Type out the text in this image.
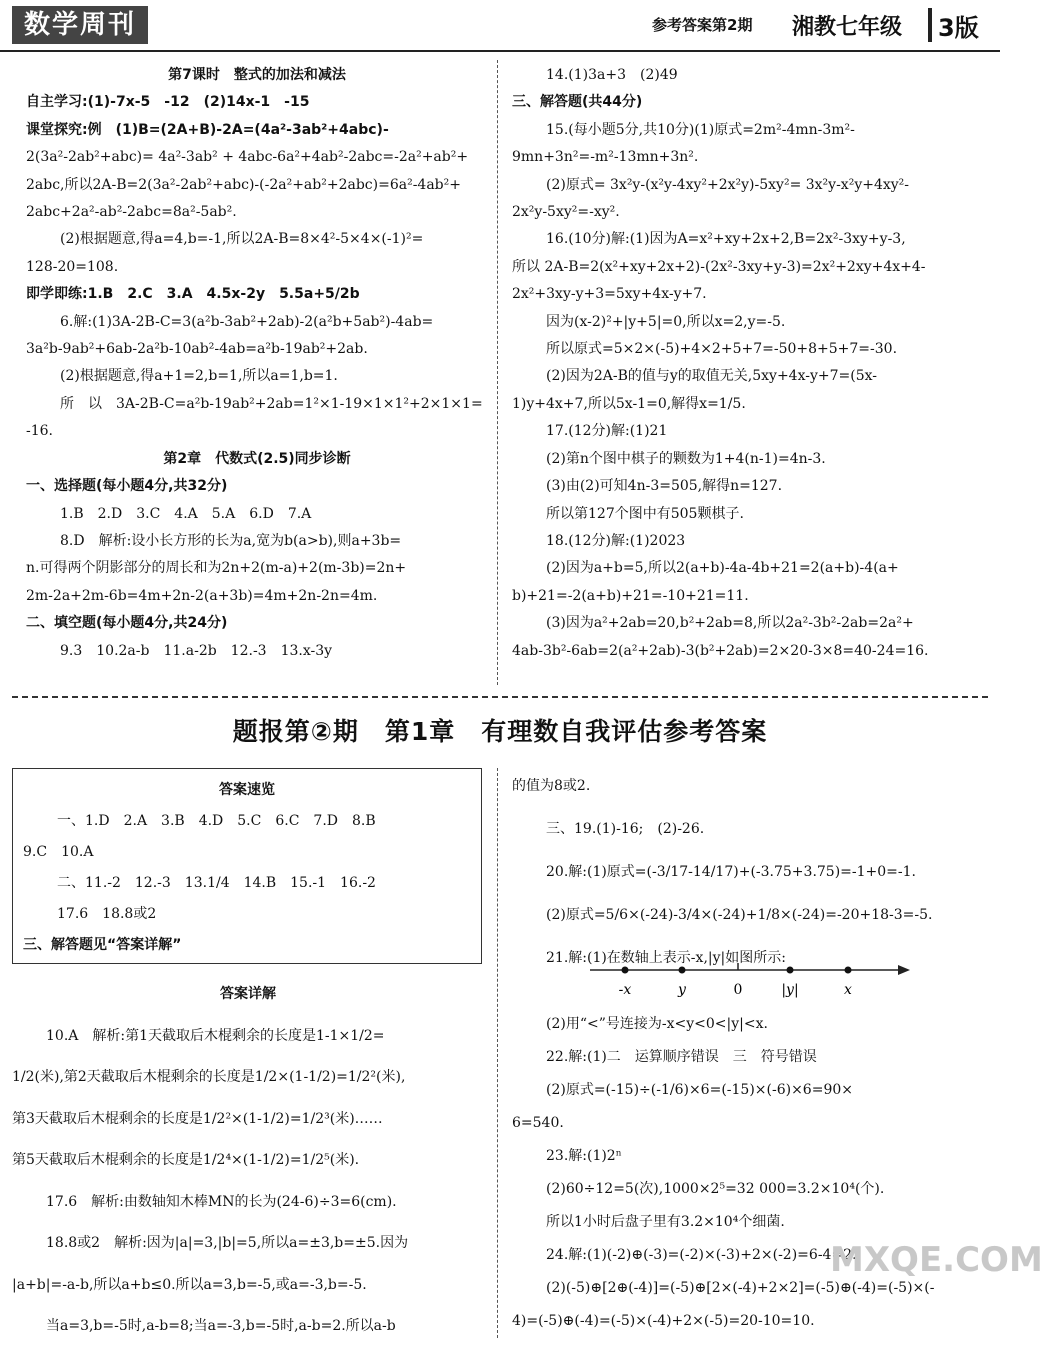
数学周刊	参考答案第2期 湘教七年级 3版

第7课时　整式的加法和减法

自主学习:(1)-7x-5　-12　(2)14x-1　-15

课堂探究:例　(1)B=(2A+B)-2A=(4a²-3ab²+4abc)-

2(3a²-2ab²+abc)= 4a²-3ab² + 4abc-6a²+4ab²-2abc=-2a²+ab²+

2abc,所以2A-B=2(3a²-2ab²+abc)-(-2a²+ab²+2abc)=6a²-4ab²+

2abc+2a²-ab²-2abc=8a²-5ab².

(2)根据题意,得a=4,b=-1,所以2A-B=8×4²-5×4×(-1)²=

128-20=108.

即学即练:1.B　2.C　3.A　4.5x-2y　5.5a+5/2b

6.解:(1)3A-2B-C=3(a²b-3ab²+2ab)-2(a²b+5ab²)-4ab=

3a²b-9ab²+6ab-2a²b-10ab²-4ab=a²b-19ab²+2ab.

(2)根据题意,得a+1=2,b=1,所以a=1,b=1.

所　以　3A-2B-C=a²b-19ab²+2ab=1²×1-19×1×1²+2×1×1=

-16.

第2章　代数式(2.5)同步诊断

一、选择题(每小题4分,共32分)

1.B　2.D　3.C　4.A　5.A　6.D　7.A

8.D　解析:设小长方形的长为a,宽为b(a>b),则a+3b=

n.可得两个阴影部分的周长和为2n+2(m-a)+2(m-3b)=2n+

2m-2a+2m-6b=4m+2n-2(a+3b)=4m+2n-2n=4m.

二、填空题(每小题4分,共24分)

9.3　10.2a-b　11.a-2b　12.-3　13.x-3y

14.(1)3a+3　(2)49

三、解答题(共44分)

15.(每小题5分,共10分)(1)原式=2m²-4mn-3m²-

9mn+3n²=-m²-13mn+3n².

(2)原式= 3x²y-(x²y-4xy²+2x²y)-5xy²= 3x²y-x²y+4xy²-

2x²y-5xy²=-xy².

16.(10分)解:(1)因为A=x²+xy+2x+2,B=2x²-3xy+y-3,

所以 2A-B=2(x²+xy+2x+2)-(2x²-3xy+y-3)=2x²+2xy+4x+4-

2x²+3xy-y+3=5xy+4x-y+7.

因为(x-2)²+|y+5|=0,所以x=2,y=-5.

所以原式=5×2×(-5)+4×2+5+7=-50+8+5+7=-30.

(2)因为2A-B的值与y的取值无关,5xy+4x-y+7=(5x-

1)y+4x+7,所以5x-1=0,解得x=1/5.

17.(12分)解:(1)21

(2)第n个图中棋子的颗数为1+4(n-1)=4n-3.

(3)由(2)可知4n-3=505,解得n=127.

所以第127个图中有505颗棋子.

18.(12分)解:(1)2023

(2)因为a+b=5,所以2(a+b)-4a-4b+21=2(a+b)-4(a+

b)+21=-2(a+b)+21=-10+21=11.

(3)因为a²+2ab=20,b²+2ab=8,所以2a²-3b²-2ab=2a²+

4ab-3b²-6ab=2(a²+2ab)-3(b²+2ab)=2×20-3×8=40-24=16.

题报第②期　第1章　有理数自我评估参考答案

答案速览

一、1.D　2.A　3.B　4.D　5.C　6.C　7.D　8.B

9.C　10.A

二、11.-2　12.-3　13.1/4　14.B　15.-1　16.-2

17.6　18.8或2

三、解答题见“答案详解”

答案详解

10.A　解析:第1天截取后木棍剩余的长度是1-1×1/2=

1/2(米),第2天截取后木棍剩余的长度是1/2×(1-1/2)=1/2²(米),

第3天截取后木棍剩余的长度是1/2²×(1-1/2)=1/2³(米)……

第5天截取后木棍剩余的长度是1/2⁴×(1-1/2)=1/2⁵(米).

17.6　解析:由数轴知木棒MN的长为(24-6)÷3=6(cm).

18.8或2　解析:因为|a|=3,|b|=5,所以a=±3,b=±5.因为

|a+b|=-a-b,所以a+b≤0.所以a=3,b=-5,或a=-3,b=-5.

当a=3,b=-5时,a-b=8;当a=-3,b=-5时,a-b=2.所以a-b

的值为8或2.

三、19.(1)-16;　(2)-26.

20.解:(1)原式=(-3/17-14/17)+(-3.75+3.75)=-1+0=-1.

(2)原式=5/6×(-24)-3/4×(-24)+1/8×(-24)=-20+18-3=-5.

21.解:(1)在数轴上表示-x,|y|如图所示:

-x	y	0	|y|	x

(2)用“<”号连接为-x<y<0<|y|<x.

22.解:(1)二　运算顺序错误　三　符号错误

(2)原式=(-15)÷(-1/6)×6=(-15)×(-6)×6=90×

6=540.

23.解:(1)2ⁿ

(2)60÷12=5(次),1000×2⁵=32 000=3.2×10⁴(个).

所以1小时后盘子里有3.2×10⁴个细菌.

24.解:(1)(-2)⊕(-3)=(-2)×(-3)+2×(-2)=6-4=2.

(2)(-5)⊕[2⊕(-4)]=(-5)⊕[2×(-4)+2×2]=(-5)⊕(-4)=(-5)×(-

4)=(-5)⊕(-4)=(-5)×(-4)+2×(-5)=20-10=10.

MXQE.COM
